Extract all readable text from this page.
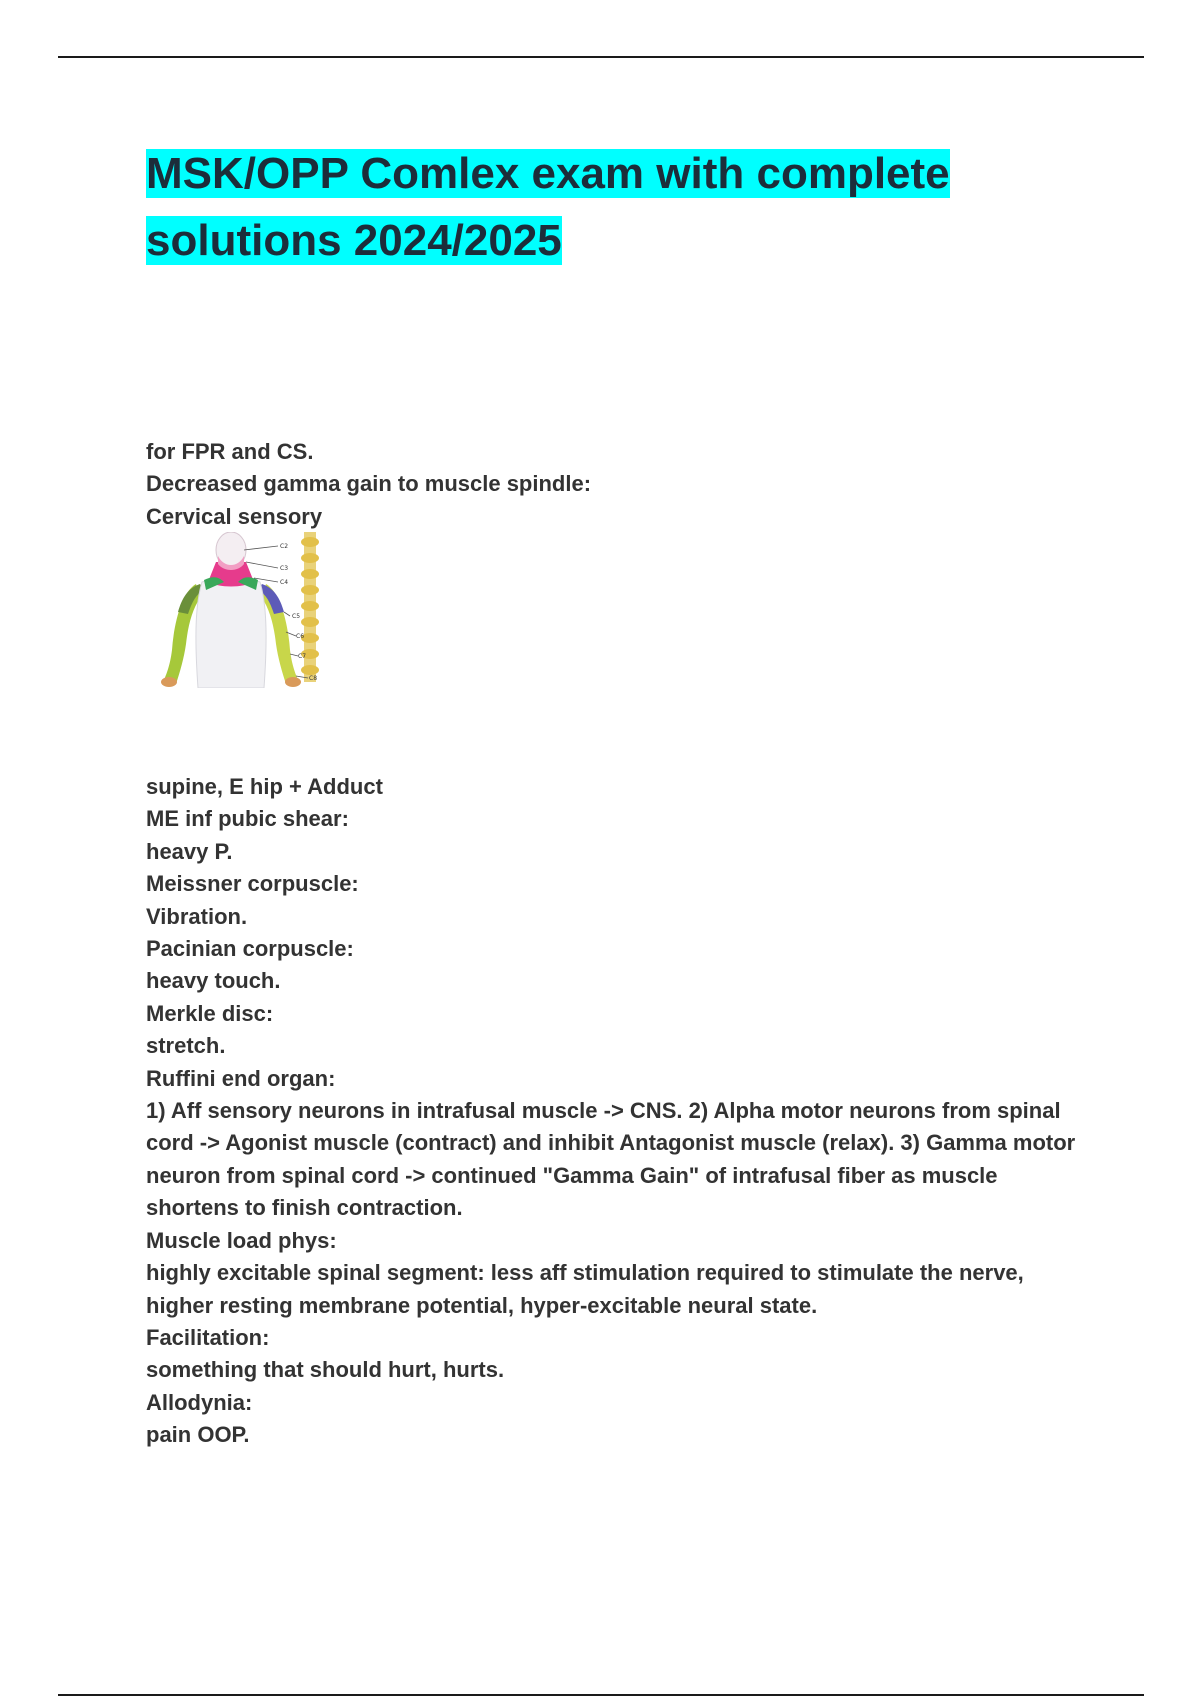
MSK/OPP Comlex exam with complete solutions 2024/2025

for FPR and CS.

Decreased gamma gain to muscle spindle:

Cervical sensory

C2
C3
C4
C5
C6
C7
C8

supine, E hip + Adduct

ME inf pubic shear:

heavy P.

Meissner corpuscle:

Vibration.

Pacinian corpuscle:

heavy touch.

Merkle disc:

stretch.

Ruffini end organ:

1) Aff sensory neurons in intrafusal muscle -> CNS. 2) Alpha motor neurons from spinal cord -> Agonist muscle (contract) and inhibit Antagonist muscle (relax). 3) Gamma motor neuron from spinal cord -> continued "Gamma Gain" of intrafusal fiber as muscle shortens to finish contraction.

Muscle load phys:

highly excitable spinal segment: less aff stimulation required to stimulate the nerve, higher resting membrane potential, hyper-excitable neural state.

Facilitation:

something that should hurt, hurts.

Allodynia:

pain OOP.
